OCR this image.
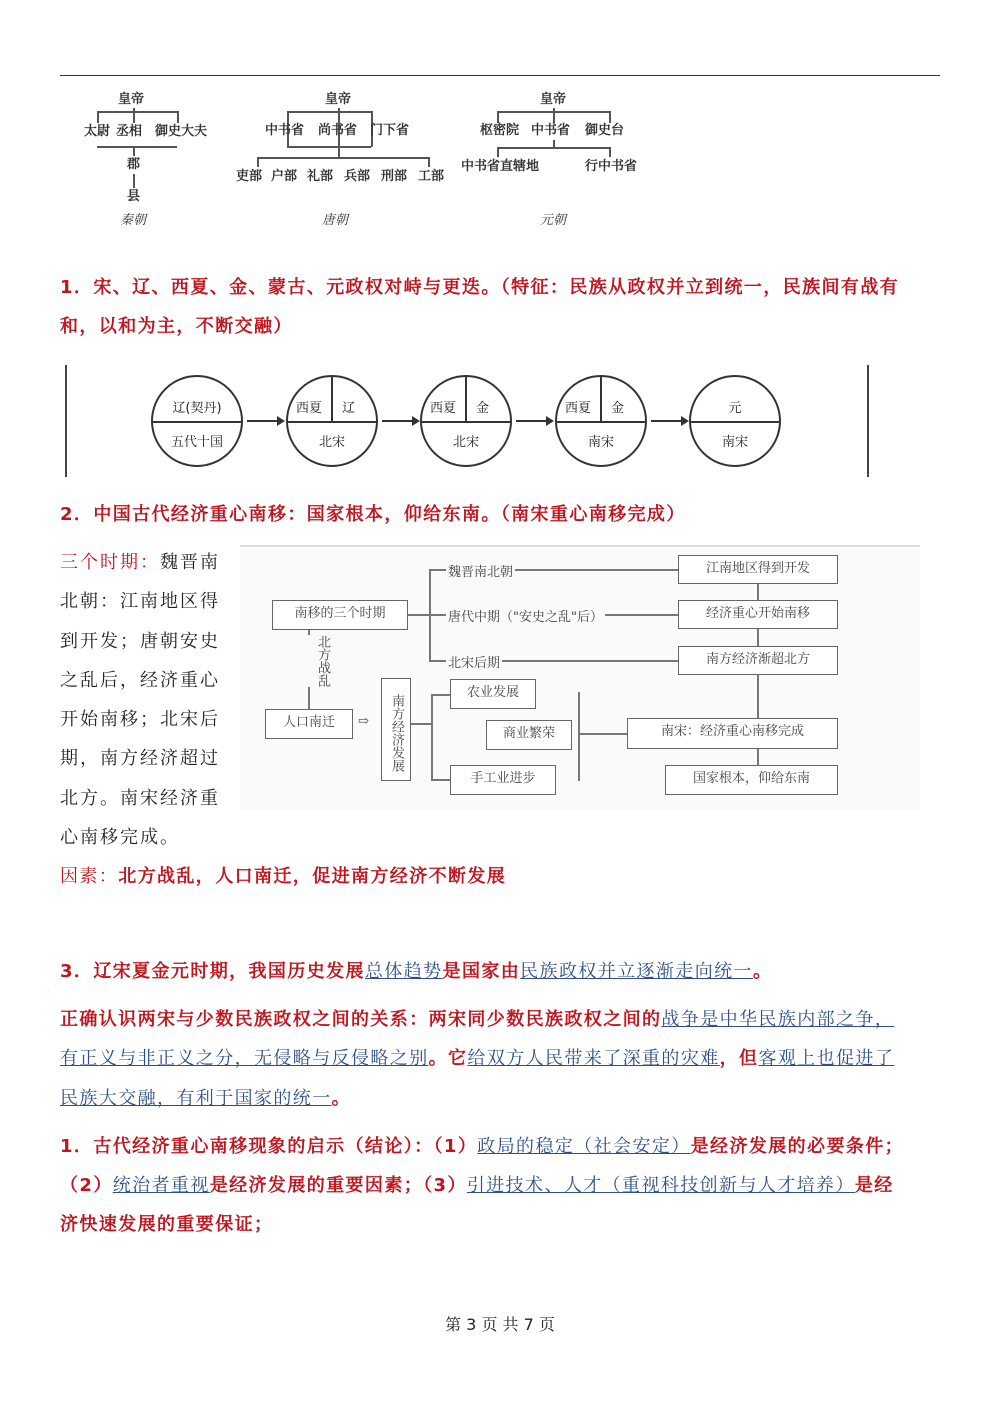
皇帝
太尉 丞相 御史大夫
郡
县
秦朝
皇帝
中书省 尚书省 门下省
吏部 户部 礼部 兵部 刑部 工部
唐朝
皇帝
枢密院 中书省 御史台
中书省直辖地	行中书省
元朝
1．宋、辽、西夏、金、蒙古、元政权对峙与更迭。（特征：民族从政权并立到统一，民族间有战有
和，以和为主，不断交融）
辽(契丹)
五代十国
西夏 辽
北宋
西夏 金
北宋
西夏 金
南宋
元
南宋
2．中国古代经济重心南移：国家根本，仰给东南。（南宋重心南移完成）
三个时期：魏晋南北朝：江南地区得到开发；唐朝安史之乱后，经济重心开始南移；北宋后期，南方经济超过北方。南宋经济重心南移完成。
南移的三个时期
魏晋南北朝
唐代中期（"安史之乱"后）
北宋后期
江南地区得到开发
经济重心开始南移
南方经济渐超北方
北方战乱
人口南迁	⇨	南方经济发展
农业发展
商业繁荣
手工业进步
南宋：经济重心南移完成
国家根本，仰给东南
因素：北方战乱，人口南迁，促进南方经济不断发展
3．辽宋夏金元时期，我国历史发展总体趋势是国家由民族政权并立逐渐走向统一。
正确认识两宋与少数民族政权之间的关系：两宋同少数民族政权之间的战争是中华民族内部之争，
有正义与非正义之分，无侵略与反侵略之别。它给双方人民带来了深重的灾难，但客观上也促进了
民族大交融，有利于国家的统一。
1．古代经济重心南移现象的启示（结论）：（1）政局的稳定（社会安定）是经济发展的必要条件；
（2）统治者重视是经济发展的重要因素；（3）引进技术、人才（重视科技创新与人才培养）是经
济快速发展的重要保证；
第 3 页 共 7 页
